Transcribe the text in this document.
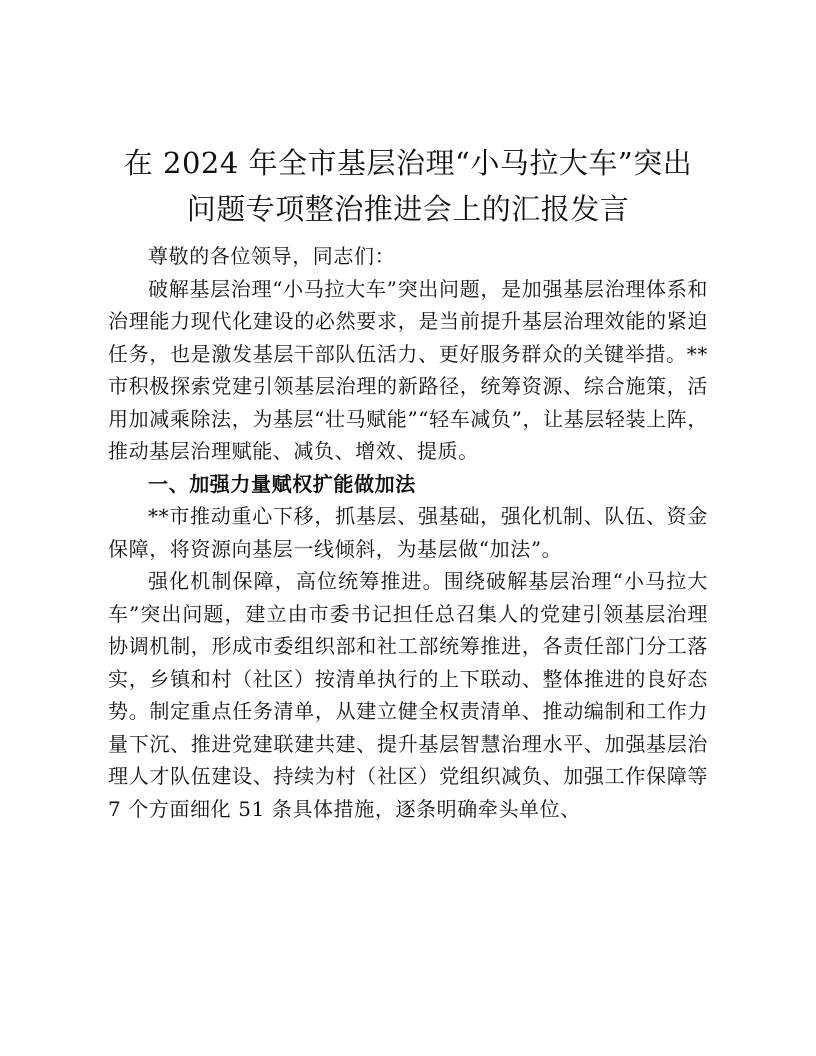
在 2024 年全市基层治理“小马拉大车”突出
问题专项整治推进会上的汇报发言

尊敬的各位领导，同志们：

破解基层治理“小马拉大车”突出问题，是加强基层治理体系和治理能力现代化建设的必然要求，是当前提升基层治理效能的紧迫任务，也是激发基层干部队伍活力、更好服务群众的关键举措。**市积极探索党建引领基层治理的新路径，统筹资源、综合施策，活用加减乘除法，为基层“壮马赋能”“轻车减负”，让基层轻装上阵，推动基层治理赋能、减负、增效、提质。

一、加强力量赋权扩能做加法

**市推动重心下移，抓基层、强基础，强化机制、队伍、资金保障，将资源向基层一线倾斜，为基层做“加法”。

强化机制保障，高位统筹推进。围绕破解基层治理“小马拉大车”突出问题，建立由市委书记担任总召集人的党建引领基层治理协调机制，形成市委组织部和社工部统筹推进，各责任部门分工落实，乡镇和村（社区）按清单执行的上下联动、整体推进的良好态势。制定重点任务清单，从建立健全权责清单、推动编制和工作力量下沉、推进党建联建共建、提升基层智慧治理水平、加强基层治理人才队伍建设、持续为村（社区）党组织减负、加强工作保障等 7 个方面细化 51 条具体措施，逐条明确牵头单位、
